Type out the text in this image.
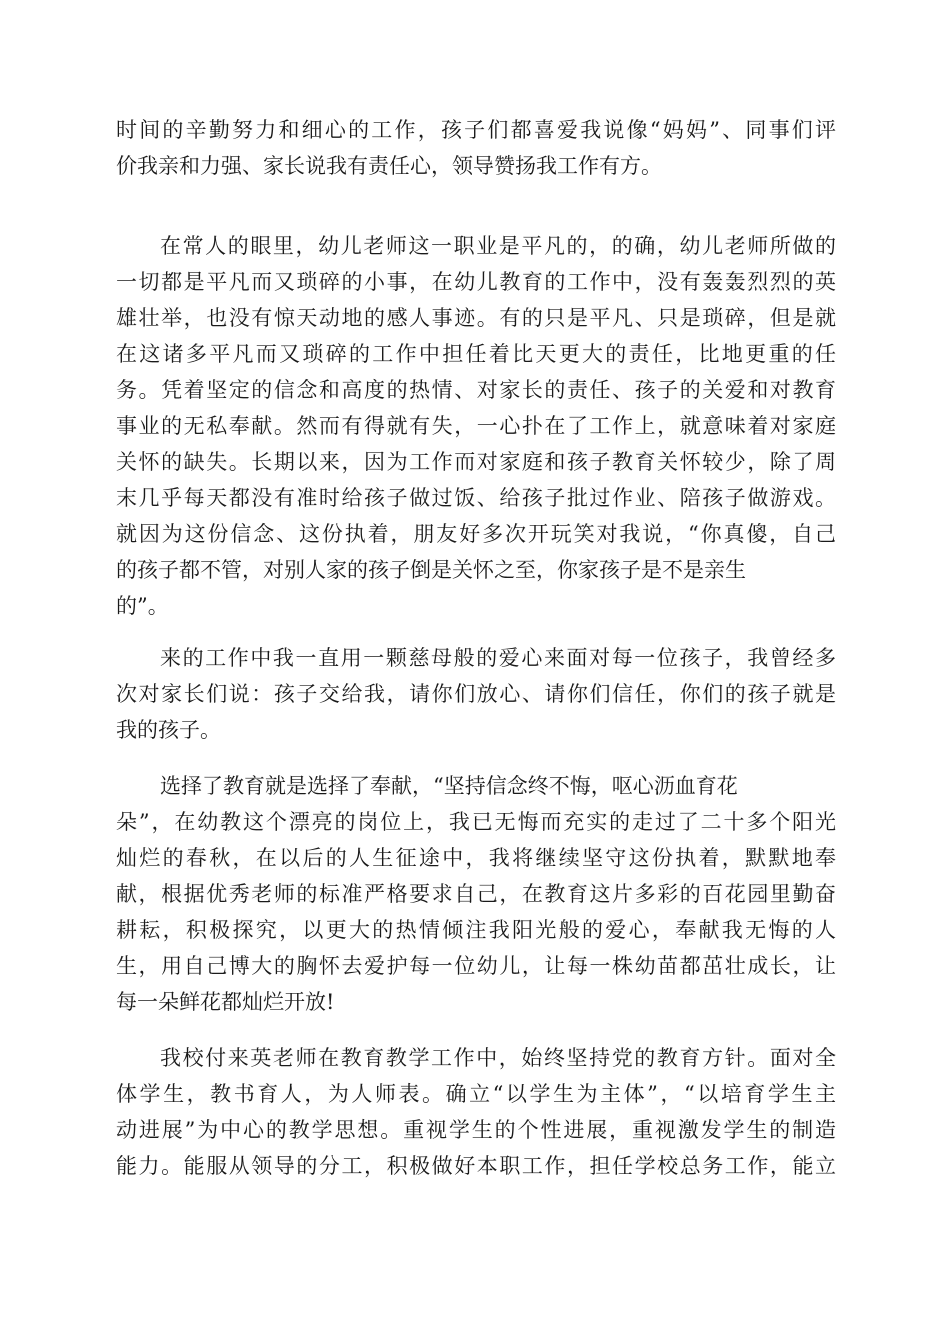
时间的辛勤努力和细心的工作，孩子们都喜爱我说像“妈妈”、同事们评
价我亲和力强、家长说我有责任心，领导赞扬我工作有方。
在常人的眼里，幼儿老师这一职业是平凡的，的确，幼儿老师所做的
一切都是平凡而又琐碎的小事，在幼儿教育的工作中，没有轰轰烈烈的英
雄壮举，也没有惊天动地的感人事迹。有的只是平凡、只是琐碎，但是就
在这诸多平凡而又琐碎的工作中担任着比天更大的责任，比地更重的任
务。凭着坚定的信念和高度的热情、对家长的责任、孩子的关爱和对教育
事业的无私奉献。然而有得就有失，一心扑在了工作上，就意味着对家庭
关怀的缺失。长期以来，因为工作而对家庭和孩子教育关怀较少，除了周
末几乎每天都没有准时给孩子做过饭、给孩子批过作业、陪孩子做游戏。
就因为这份信念、这份执着，朋友好多次开玩笑对我说，“你真傻，自己
的孩子都不管，对别人家的孩子倒是关怀之至，你家孩子是不是亲生
的”。
来的工作中我一直用一颗慈母般的爱心来面对每一位孩子，我曾经多
次对家长们说：孩子交给我，请你们放心、请你们信任，你们的孩子就是
我的孩子。
选择了教育就是选择了奉献，“坚持信念终不悔，呕心沥血育花
朵”，在幼教这个漂亮的岗位上，我已无悔而充实的走过了二十多个阳光
灿烂的春秋，在以后的人生征途中，我将继续坚守这份执着，默默地奉
献，根据优秀老师的标准严格要求自己，在教育这片多彩的百花园里勤奋
耕耘，积极探究，以更大的热情倾注我阳光般的爱心，奉献我无悔的人
生，用自己博大的胸怀去爱护每一位幼儿，让每一株幼苗都茁壮成长，让
每一朵鲜花都灿烂开放!
我校付来英老师在教育教学工作中，始终坚持党的教育方针。面对全
体学生，教书育人，为人师表。确立“以学生为主体”，“以培育学生主
动进展”为中心的教学思想。重视学生的个性进展，重视激发学生的制造
能力。能服从领导的分工，积极做好本职工作，担任学校总务工作，能立
